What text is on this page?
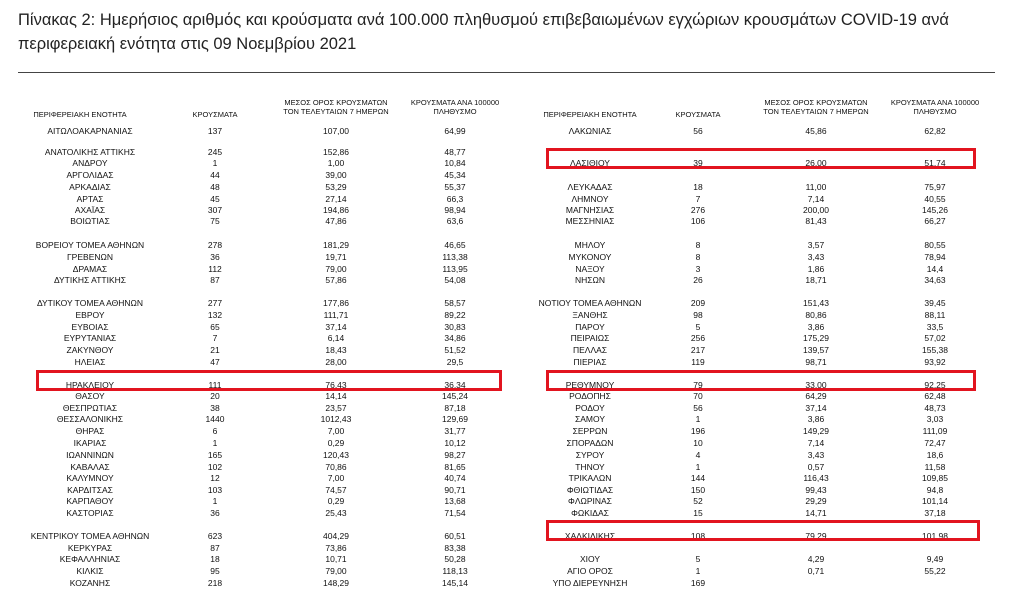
Πίνακας 2: Ημερήσιος αριθμός και κρούσματα ανά 100.000 πληθυσμού επιβεβαιωμένων εγχώριων κρουσμάτων COVID-19 ανά περιφερειακή ενότητα στις 09 Νοεμβρίου 2021
ΠΕΡΙΦΕΡΕΙΑΚΗ ΕΝΟΤΗΤΑ	ΚΡΟΥΣΜΑΤΑ
ΜΕΣΟΣ ΟΡΟΣ ΚΡΟΥΣΜΑΤΩΝ
ΤΟΝ ΤΕΛΕΥΤΑΙΩΝ 7 ΗΜΕΡΩΝ
ΚΡΟΥΣΜΑΤΑ ΑΝΑ 100000
ΠΛΗΘΥΣΜΟ	ΠΕΡΙΦΕΡΕΙΑΚΗ ΕΝΟΤΗΤΑ	ΚΡΟΥΣΜΑΤΑ
ΜΕΣΟΣ ΟΡΟΣ ΚΡΟΥΣΜΑΤΩΝ
ΤΟΝ ΤΕΛΕΥΤΑΙΩΝ 7 ΗΜΕΡΩΝ
ΚΡΟΥΣΜΑΤΑ ΑΝΑ 100000
ΠΛΗΘΥΣΜΟ
ΑΙΤΩΛΟΑΚΑΡΝΑΝΙΑΣ	137	107,00	64,99
ΑΝΑΤΟΛΙΚΗΣ ΑΤΤΙΚΗΣ	245	152,86	48,77
ΑΝΔΡΟΥ	1	1,00	10,84
ΑΡΓΟΛΙΔΑΣ	44	39,00	45,34
ΑΡΚΑΔΙΑΣ	48	53,29	55,37
ΑΡΤΑΣ	45	27,14	66,3
ΑΧΑΪΑΣ	307	194,86	98,94
ΒΟΙΩΤΙΑΣ	75	47,86	63,6
ΒΟΡΕΙΟΥ ΤΟΜΕΑ ΑΘΗΝΩΝ	278	181,29	46,65
ΓΡΕΒΕΝΩΝ	36	19,71	113,38
ΔΡΑΜΑΣ	112	79,00	113,95
ΔΥΤΙΚΗΣ ΑΤΤΙΚΗΣ	87	57,86	54,08
ΔΥΤΙΚΟΥ ΤΟΜΕΑ ΑΘΗΝΩΝ	277	177,86	58,57
ΕΒΡΟΥ	132	111,71	89,22
ΕΥΒΟΙΑΣ	65	37,14	30,83
ΕΥΡΥΤΑΝΙΑΣ	7	6,14	34,86
ΖΑΚΥΝΘΟΥ	21	18,43	51,52
ΗΛΕΙΑΣ	47	28,00	29,5
ΗΡΑΚΛΕΙΟΥ	111	76,43	36,34
ΘΑΣΟΥ	20	14,14	145,24
ΘΕΣΠΡΩΤΙΑΣ	38	23,57	87,18
ΘΕΣΣΑΛΟΝΙΚΗΣ	1440	1012,43	129,69
ΘΗΡΑΣ	6	7,00	31,77
ΙΚΑΡΙΑΣ	1	0,29	10,12
ΙΩΑΝΝΙΝΩΝ	165	120,43	98,27
ΚΑΒΑΛΑΣ	102	70,86	81,65
ΚΑΛΥΜΝΟΥ	12	7,00	40,74
ΚΑΡΔΙΤΣΑΣ	103	74,57	90,71
ΚΑΡΠΑΘΟΥ	1	0,29	13,68
ΚΑΣΤΟΡΙΑΣ	36	25,43	71,54
ΚΕΝΤΡΙΚΟΥ ΤΟΜΕΑ ΑΘΗΝΩΝ	623	404,29	60,51
ΚΕΡΚΥΡΑΣ	87	73,86	83,38
ΚΕΦΑΛΛΗΝΙΑΣ	18	10,71	50,28
ΚΙΛΚΙΣ	95	79,00	118,13
ΚΟΖΑΝΗΣ	218	148,29	145,14
ΛΑΚΩΝΙΑΣ	56	45,86	62,82
ΛΑΣΙΘΙΟΥ	39	26,00	51,74
ΛΕΥΚΑΔΑΣ	18	11,00	75,97
ΛΗΜΝΟΥ	7	7,14	40,55
ΜΑΓΝΗΣΙΑΣ	276	200,00	145,26
ΜΕΣΣΗΝΙΑΣ	106	81,43	66,27
ΜΗΛΟΥ	8	3,57	80,55
ΜΥΚΟΝΟΥ	8	3,43	78,94
ΝΑΞΟΥ	3	1,86	14,4
ΝΗΣΩΝ	26	18,71	34,63
ΝΟΤΙΟΥ ΤΟΜΕΑ ΑΘΗΝΩΝ	209	151,43	39,45
ΞΑΝΘΗΣ	98	80,86	88,11
ΠΑΡΟΥ	5	3,86	33,5
ΠΕΙΡΑΙΩΣ	256	175,29	57,02
ΠΕΛΛΑΣ	217	139,57	155,38
ΠΙΕΡΙΑΣ	119	98,71	93,92
ΡΕΘΥΜΝΟΥ	79	33,00	92,25
ΡΟΔΟΠΗΣ	70	64,29	62,48
ΡΟΔΟΥ	56	37,14	48,73
ΣΑΜΟΥ	1	3,86	3,03
ΣΕΡΡΩΝ	196	149,29	111,09
ΣΠΟΡΑΔΩΝ	10	7,14	72,47
ΣΥΡΟΥ	4	3,43	18,6
ΤΗΝΟΥ	1	0,57	11,58
ΤΡΙΚΑΛΩΝ	144	116,43	109,85
ΦΘΙΩΤΙΔΑΣ	150	99,43	94,8
ΦΛΩΡΙΝΑΣ	52	29,29	101,14
ΦΩΚΙΔΑΣ	15	14,71	37,18
ΧΑΛΚΙΔΙΚΗΣ	108	79,29	101,98
ΧΙΟΥ	5	4,29	9,49
ΑΓΙΟ ΟΡΟΣ	1	0,71	55,22
ΥΠΟ ΔΙΕΡΕΥΝΗΣΗ	169
